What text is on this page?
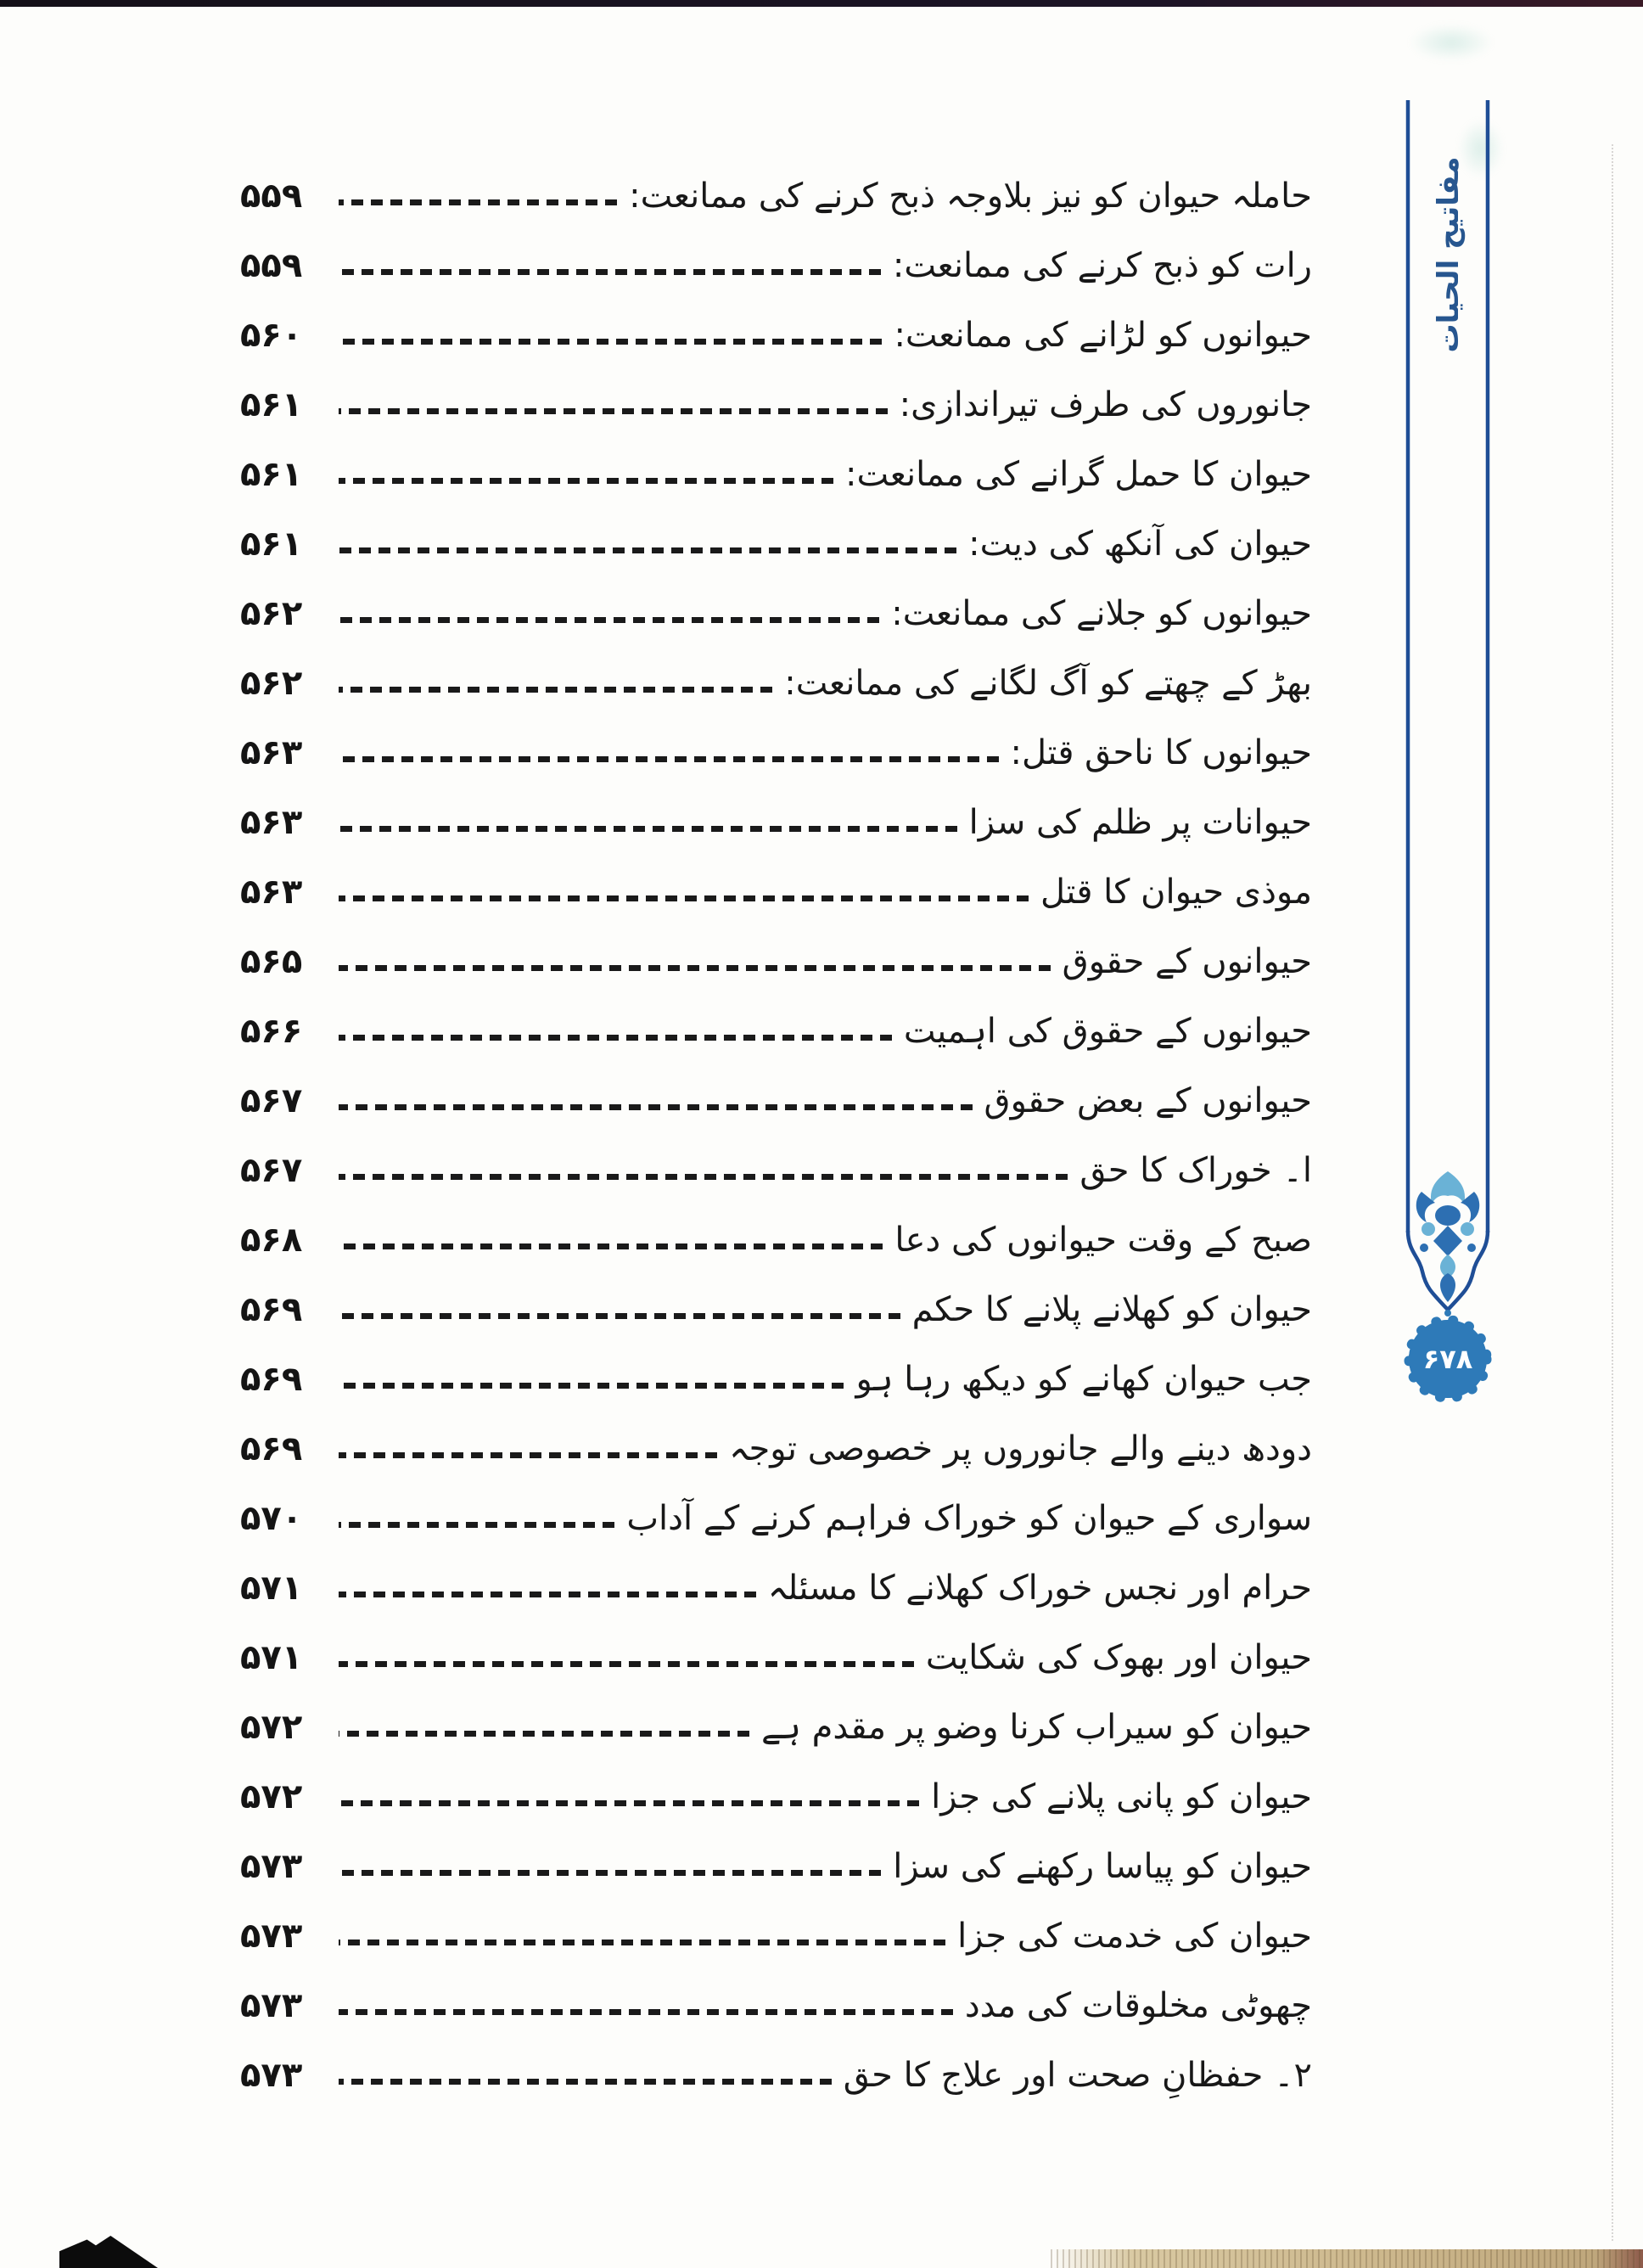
حاملہ حیوان کو نیز بلاوجہ ذبح کرنے کی ممانعت:
۵۵۹
رات کو ذبح کرنے کی ممانعت:
۵۵۹
حیوانوں کو لڑانے کی ممانعت:
۵۶۰
جانوروں کی طرف تیراندازی:
۵۶۱
حیوان کا حمل گرانے کی ممانعت:
۵۶۱
حیوان کی آنکھ کی دیت:
۵۶۱
حیوانوں کو جلانے کی ممانعت:
۵۶۲
بھڑ کے چھتے کو آگ لگانے کی ممانعت:
۵۶۲
حیوانوں کا ناحق قتل:
۵۶۳
حیوانات پر ظلم کی سزا
۵۶۳
موذی حیوان کا قتل
۵۶۳
حیوانوں کے حقوق
۵۶۵
حیوانوں کے حقوق کی اہمیت
۵۶۶
حیوانوں کے بعض حقوق
۵۶۷
ا۔ خوراک کا حق
۵۶۷
صبح کے وقت حیوانوں کی دعا
۵۶۸
حیوان کو کھلانے پلانے کا حکم
۵۶۹
جب حیوان کھانے کو دیکھ رہا ہو
۵۶۹
دودھ دینے والے جانوروں پر خصوصی توجہ
۵۶۹
سواری کے حیوان کو خوراک فراہم کرنے کے آداب
۵۷۰
حرام اور نجس خوراک کھلانے کا مسئلہ
۵۷۱
حیوان اور بھوک کی شکایت
۵۷۱
حیوان کو سیراب کرنا وضو پر مقدم ہے
۵۷۲
حیوان کو پانی پلانے کی جزا
۵۷۲
حیوان کو پیاسا رکھنے کی سزا
۵۷۳
حیوان کی خدمت کی جزا
۵۷۳
چھوٹی مخلوقات کی مدد
۵۷۳
۲۔ حفظانِ صحت اور علاج کا حق
۵۷۳
۶۷۸
مفاتیح الحیات
